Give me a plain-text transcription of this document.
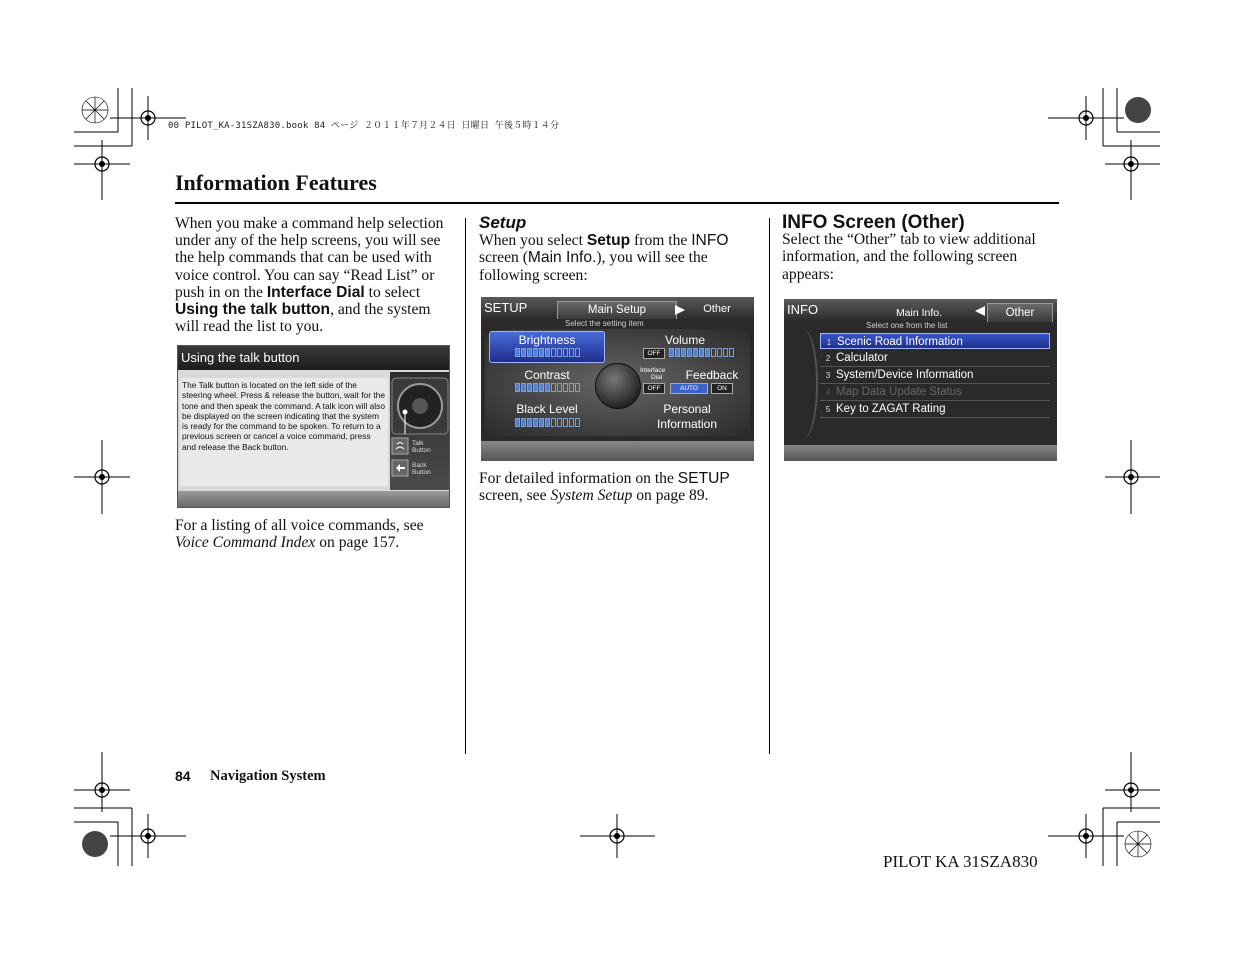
00 PILOT_KA-31SZA830.book 84 ページ ２０１１年７月２４日 日曜日 午後５時１４分
Information Features

When you make a command help selection under any of the help screens, you will see the help commands that can be used with voice control. You can say “Read List” or push in on the Interface Dial to select Using the talk button, and the system will read the list to you.

Using the talk button
The Talk button is located on the left side of the steering wheel. Press & release the button, wait for the tone and then speak the command. A talk icon will also be displayed on the screen indicating that the system is ready for the command to be spoken. To return to a previous screen or cancel a voice command, press and release the Back button.	Talk
Button
Back
Button

For a listing of all voice commands, see Voice Command Index on page 157.

Setup

When you select Setup from the INFO screen (Main Info.), you will see the following screen:

SETUP	Main Setup	Other
Select the setting item
Brightness	Volume
OFF
Contrast	Interface
Dial	Feedback
OFF	AUTO	ON
Black Level	Personal
Information

For detailed information on the SETUP screen, see System Setup on page 89.

INFO Screen (Other)

Select the “Other” tab to view additional information, and the following screen appears:

INFO	Main Info.	Other
Select one from the list
1 Scenic Road Information
2 Calculator
3 System/Device Information
4 Map Data Update Status
5 Key to ZAGAT Rating
84 Navigation System
PILOT KA 31SZA830
